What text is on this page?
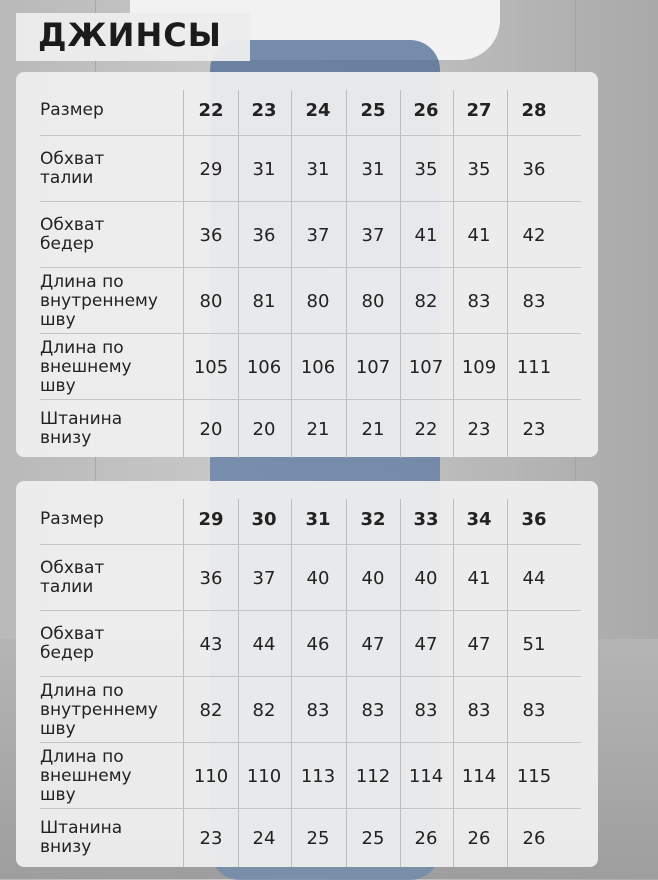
ДЖИНСЫ
Размер	22	23	24	25	26	27	28
Обхват
талии	29	31	31	31	35	35	36
Обхват
бедер	36	36	37	37	41	41	42
Длина по
внутреннему
шву
80	81	80	80	82	83	83
Длина по
внешнему
шву
105	106	106	107	107	109	111
Штанина
внизу	20	20	21	21	22	23	23
Размер	29	30	31	32	33	34	36
Обхват
талии	36	37	40	40	40	41	44
Обхват
бедер	43	44	46	47	47	47	51
Длина по
внутреннему
шву
82	82	83	83	83	83	83
Длина по
внешнему
шву
110	110	113	112	114	114	115
Штанина
внизу	23	24	25	25	26	26	26
